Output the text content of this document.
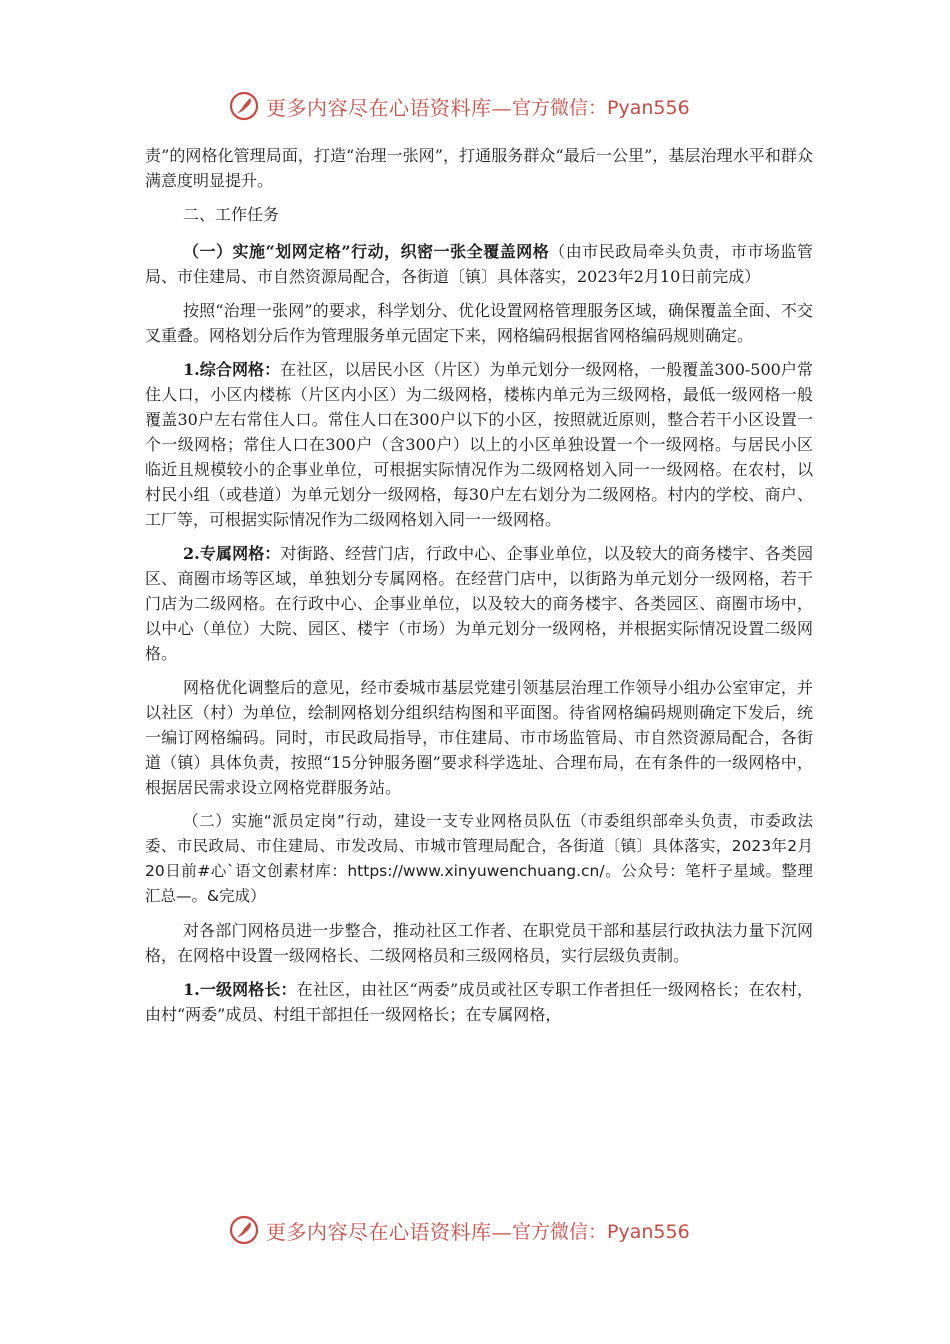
更多内容尽在心语资料库— 官方微信：Pyan556

责”的网格化管理局面，打造“治理一张网”，打通服务群众“最后一公里”，基层治理水平和群众满意度明显提升。

二、工作任务

（一）实施“划网定格”行动，织密一张全覆盖网格（由市民政局牵头负责，市市场监管局、市住建局、市自然资源局配合，各街道〔镇〕具体落实，2023年2月10日前完成）

按照“治理一张网”的要求，科学划分、优化设置网格管理服务区域，确保覆盖全面、不交叉重叠。网格划分后作为管理服务单元固定下来，网格编码根据省网格编码规则确定。

1.综合网格：在社区，以居民小区（片区）为单元划分一级网格，一般覆盖300-500户常住人口，小区内楼栋（片区内小区）为二级网格，楼栋内单元为三级网格，最低一级网格一般覆盖30户左右常住人口。常住人口在300户以下的小区，按照就近原则，整合若干小区设置一个一级网格；常住人口在300户（含300户）以上的小区单独设置一个一级网格。与居民小区临近且规模较小的企事业单位，可根据实际情况作为二级网格划入同一一级网格。在农村，以村民小组（或巷道）为单元划分一级网格，每30户左右划分为二级网格。村内的学校、商户、工厂等，可根据实际情况作为二级网格划入同一一级网格。

2.专属网格：对街路、经营门店，行政中心、企事业单位，以及较大的商务楼宇、各类园区、商圈市场等区域，单独划分专属网格。在经营门店中，以街路为单元划分一级网格，若干门店为二级网格。在行政中心、企事业单位，以及较大的商务楼宇、各类园区、商圈市场中，以中心（单位）大院、园区、楼宇（市场）为单元划分一级网格，并根据实际情况设置二级网格。

网格优化调整后的意见，经市委城市基层党建引领基层治理工作领导小组办公室审定，并以社区（村）为单位，绘制网格划分组织结构图和平面图。待省网格编码规则确定下发后，统一编订网格编码。同时，市民政局指导，市住建局、市市场监管局、市自然资源局配合，各街道（镇）具体负责，按照“15分钟服务圈”要求科学选址、合理布局，在有条件的一级网格中，根据居民需求设立网格党群服务站。

（二）实施“派员定岗”行动，建设一支专业网格员队伍（市委组织部牵头负责，市委政法委、市民政局、市住建局、市发改局、市城市管理局配合，各街道〔镇〕具体落实，2023年2月20日前#心`语文创素材库：https://www.xinyuwenchuang.cn/。公众号：笔杆子星域。整理汇总—。&完成）

对各部门网格员进一步整合，推动社区工作者、在职党员干部和基层行政执法力量下沉网格，在网格中设置一级网格长、二级网格员和三级网格员，实行层级负责制。

1.一级网格长：在社区，由社区“两委”成员或社区专职工作者担任一级网格长；在农村，由村“两委”成员、村组干部担任一级网格长；在专属网格，

更多内容尽在心语资料库— 官方微信：Pyan556
